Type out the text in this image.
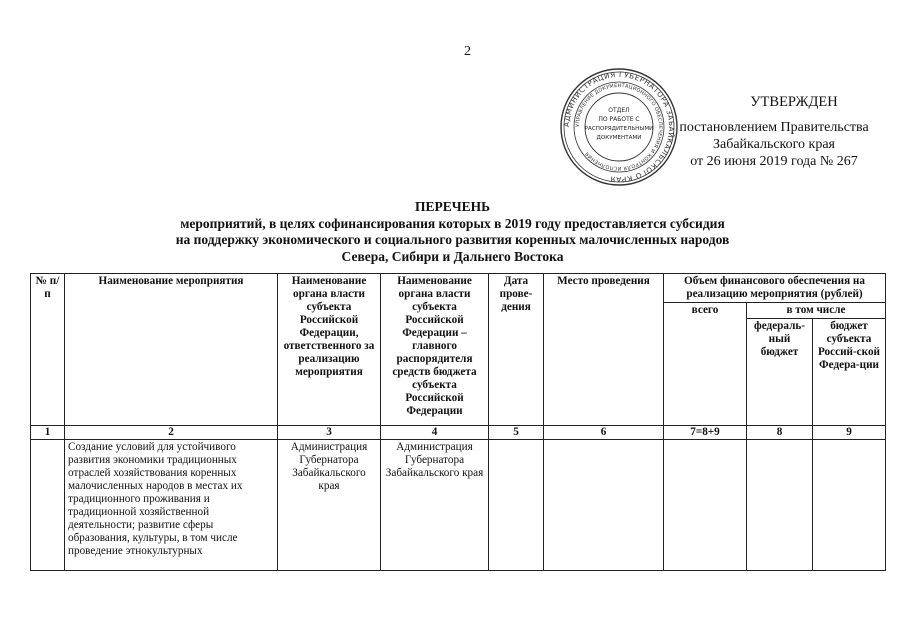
2
АДМИНИСТРАЦИЯ ГУБЕРНАТОРА ЗАБАЙКАЛЬСКОГО КРАЯ
УПРАВЛЕНИЕ ДОКУМЕНТАЦИОННОГО ОБЕСПЕЧЕНИЯ И КОНТРОЛЯ ИСПОЛНЕНИЯ
ОТДЕЛ
ПО РАБОТЕ С
РАСПОРЯДИТЕЛЬНЫМИ
ДОКУМЕНТАМИ
УТВЕРЖДЕН
постановлением Правительства
Забайкальского края
от 26 июня 2019 года № 267
ПЕРЕЧЕНЬ
мероприятий, в целях софинансирования которых в 2019 году предоставляется субсидия
на поддержку экономического и социального развития коренных малочисленных народов
Севера, Сибири и Дальнего Востока
№ п/п	Наименование мероприятия	Наименование органа власти субъекта Российской Федерации, ответственного за реализацию мероприятия	Наименование органа власти субъекта Российской Федерации – главного распорядителя средств бюджета субъекта Российской Федерации	Дата прове-дения	Место проведения	Объем финансового обеспечения на реализацию мероприятия (рублей)		
						всего	в том числе	
							федераль-ный бюджет	бюджет субъекта Россий-ской Федера-ции
1	2	3	4	5	6	7=8+9	8	9
	Создание условий для устойчивого развития экономики традиционных отраслей хозяйствования коренных малочисленных народов в местах их традиционного проживания и традиционной хозяйственной деятельности; развитие сферы образования, культуры, в том числе проведение этнокультурных	Администрация Губернатора Забайкальского края	Администрация Губернатора Забайкальского края					
